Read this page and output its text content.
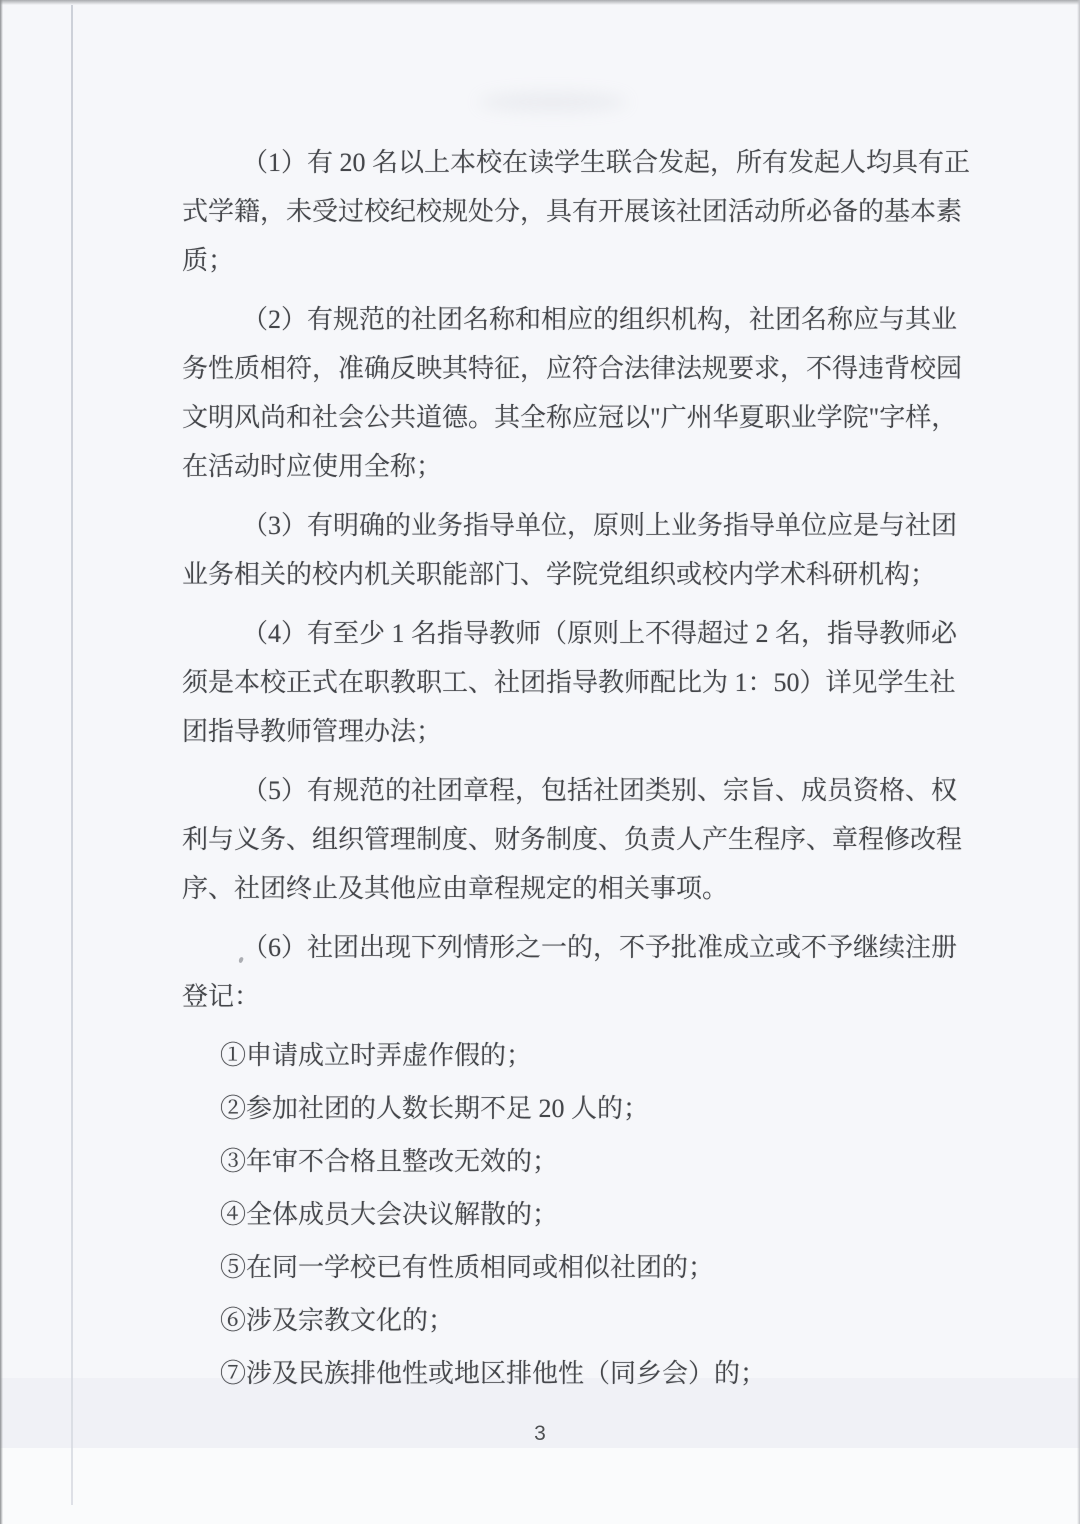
（1）有 20 名以上本校在读学生联合发起，所有发起人均具有正
式学籍，未受过校纪校规处分，具有开展该社团活动所必备的基本素
质；
（2）有规范的社团名称和相应的组织机构，社团名称应与其业
务性质相符，准确反映其特征，应符合法律法规要求，不得违背校园
文明风尚和社会公共道德。其全称应冠以"广州华夏职业学院"字样，
在活动时应使用全称；
（3）有明确的业务指导单位，原则上业务指导单位应是与社团
业务相关的校内机关职能部门、学院党组织或校内学术科研机构；
（4）有至少 1 名指导教师（原则上不得超过 2 名，指导教师必
须是本校正式在职教职工、社团指导教师配比为 1：50）详见学生社
团指导教师管理办法；
（5）有规范的社团章程，包括社团类别、宗旨、成员资格、权
利与义务、组织管理制度、财务制度、负责人产生程序、章程修改程
序、社团终止及其他应由章程规定的相关事项。
（6）社团出现下列情形之一的，不予批准成立或不予继续注册
登记：
①申请成立时弄虚作假的；
②参加社团的人数长期不足 20 人的；
③年审不合格且整改无效的；
④全体成员大会决议解散的；
⑤在同一学校已有性质相同或相似社团的；
⑥涉及宗教文化的；
⑦涉及民族排他性或地区排他性（同乡会）的；
3
